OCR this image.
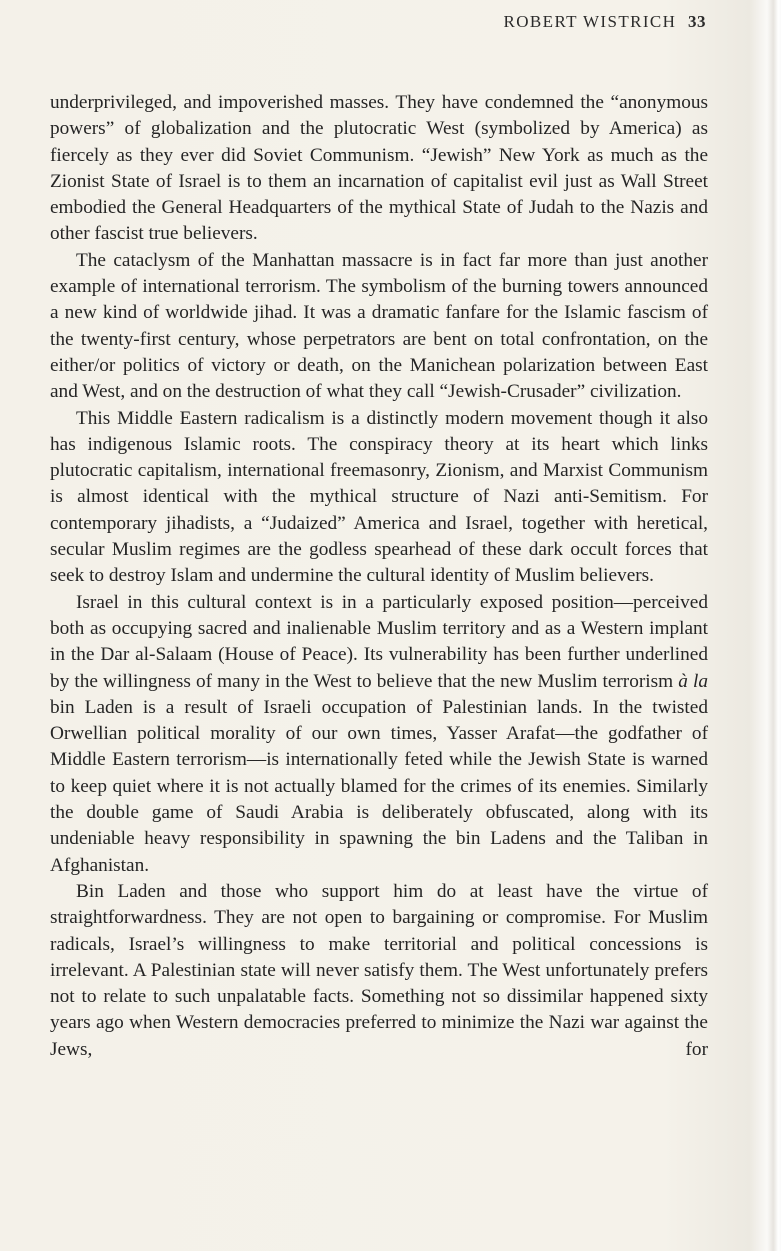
ROBERT WISTRICH 33

underprivileged, and impoverished masses. They have condemned the “anonymous powers” of globalization and the plutocratic West (symbolized by America) as fiercely as they ever did Soviet Communism. “Jewish” New York as much as the Zionist State of Israel is to them an incarnation of capitalist evil just as Wall Street embodied the General Headquarters of the mythical State of Judah to the Nazis and other fascist true believers.

The cataclysm of the Manhattan massacre is in fact far more than just another example of international terrorism. The symbolism of the burning towers announced a new kind of worldwide jihad. It was a dramatic fanfare for the Islamic fascism of the twenty-first century, whose perpetrators are bent on total confrontation, on the either/or politics of victory or death, on the Manichean polarization between East and West, and on the destruction of what they call “Jewish-Crusader” civilization.

This Middle Eastern radicalism is a distinctly modern movement though it also has indigenous Islamic roots. The conspiracy theory at its heart which links plutocratic capitalism, international freemasonry, Zionism, and Marxist Communism is almost identical with the mythical structure of Nazi anti-Semitism. For contemporary jihadists, a “Judaized” America and Israel, together with heretical, secular Muslim regimes are the godless spearhead of these dark occult forces that seek to destroy Islam and undermine the cultural identity of Muslim believers.

Israel in this cultural context is in a particularly exposed position—perceived both as occupying sacred and inalienable Muslim territory and as a Western implant in the Dar al-Salaam (House of Peace). Its vulnerability has been further underlined by the willingness of many in the West to believe that the new Muslim terrorism à la bin Laden is a result of Israeli occupation of Palestinian lands. In the twisted Orwellian political morality of our own times, Yasser Arafat—the godfather of Middle Eastern terrorism—is internationally feted while the Jewish State is warned to keep quiet where it is not actually blamed for the crimes of its enemies. Similarly the double game of Saudi Arabia is deliberately obfuscated, along with its undeniable heavy responsibility in spawning the bin Ladens and the Taliban in Afghanistan.

Bin Laden and those who support him do at least have the virtue of straightforwardness. They are not open to bargaining or compromise. For Muslim radicals, Israel’s willingness to make territorial and political concessions is irrelevant. A Palestinian state will never satisfy them. The West unfortunately prefers not to relate to such unpalatable facts. Something not so dissimilar happened sixty years ago when Western democracies preferred to minimize the Nazi war against the Jews, for
